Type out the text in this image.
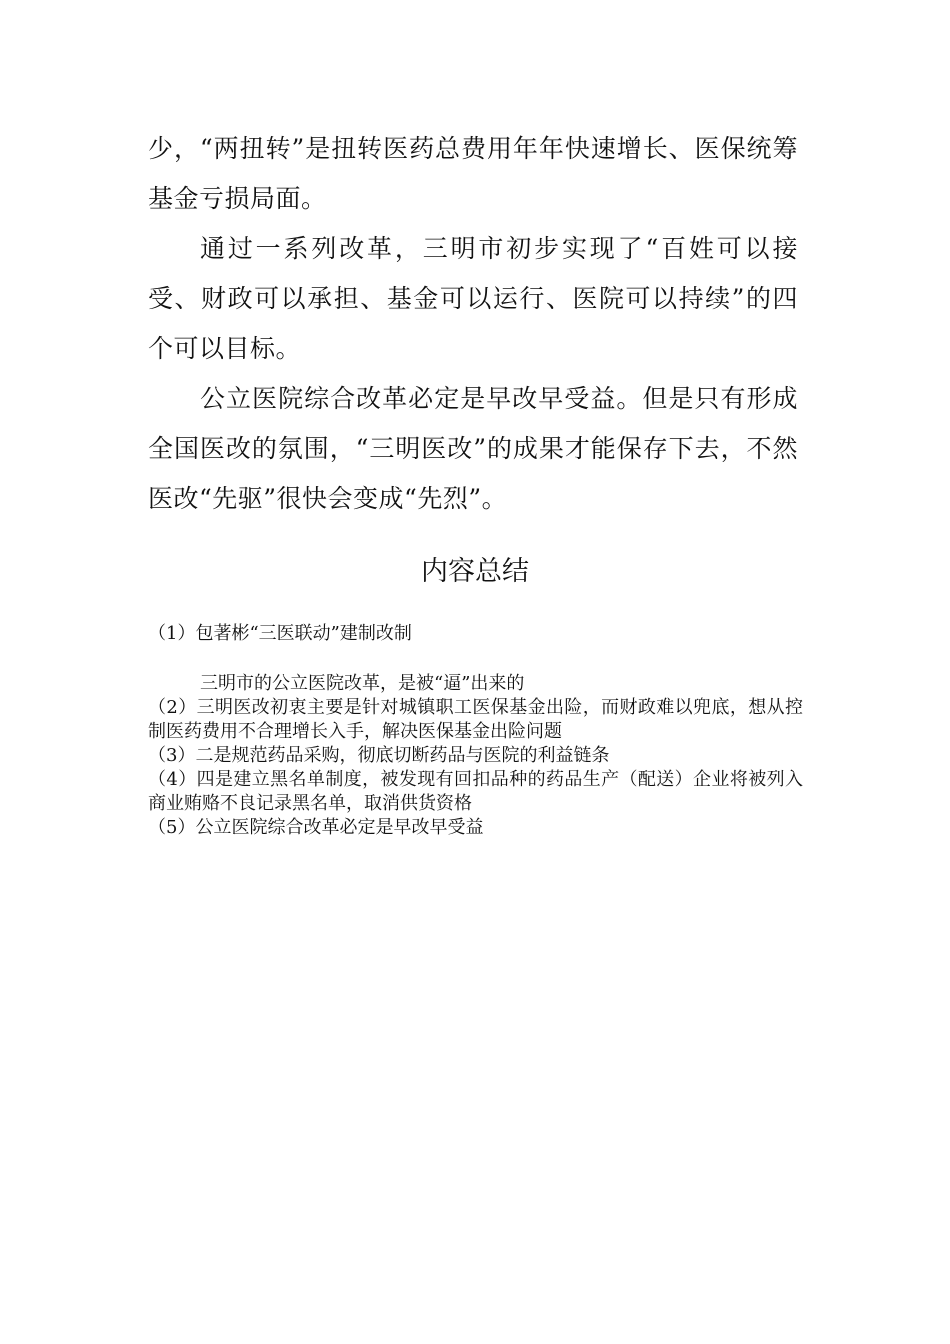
少，“两扭转”是扭转医药总费用年年快速增长、医保统筹基金亏损局面。

通过一系列改革，三明市初步实现了“百姓可以接受、财政可以承担、基金可以运行、医院可以持续”的四个可以目标。

公立医院综合改革必定是早改早受益。但是只有形成全国医改的氛围，“三明医改”的成果才能保存下去，不然医改“先驱”很快会变成“先烈”。

内容总结

（1）包著彬“三医联动”建制改制

三明市的公立医院改革，是被“逼”出来的

（2）三明医改初衷主要是针对城镇职工医保基金出险，而财政难以兜底，想从控制医药费用不合理增长入手，解决医保基金出险问题

（3）二是规范药品采购，彻底切断药品与医院的利益链条

（4）四是建立黑名单制度，被发现有回扣品种的药品生产（配送）企业将被列入商业贿赂不良记录黑名单，取消供货资格

（5）公立医院综合改革必定是早改早受益
